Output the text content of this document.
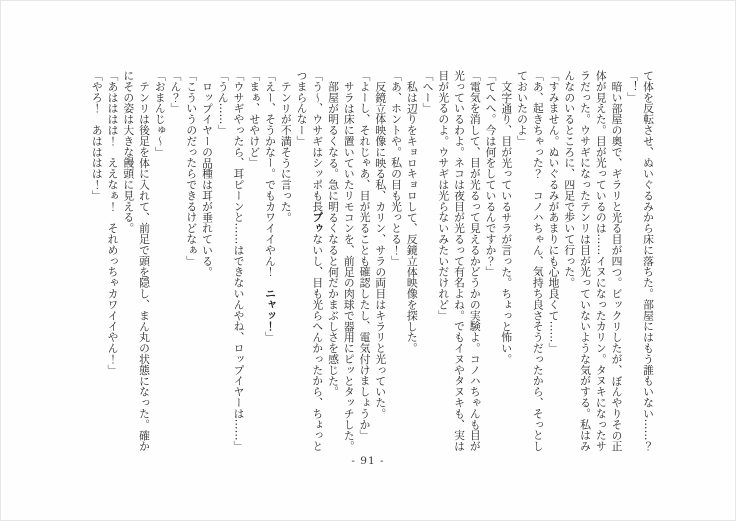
て体を反転させ、ぬいぐるみから床に落ちた。部屋にはもう誰もいない……？
「！」
暗い部屋の奥で、ギラリと光る目が四つ。ビックリしたが、ぼんやりその正
体が見えた。目が光っているのは……イヌになったカリン。タヌキになったサ
ラだった。ウサギになったテンリは目が光っていないような気がする。私はみ
んなのいるところに、四足で歩いて行った。
「すみません。ぬいぐるみがあまりにも心地良くて……」
「あ、起きちゃった？　コノハちゃん、気持ち良さそうだったから、そっとし
ておいたのよ」
文字通り、目が光っているサラが言った。ちょっと怖い。
「てへへ。今は何をしているんですか？」
「電気を消して、目が光るって見えるかどうかの実験よ。コノハちゃんも目が
光っているわよ。ネコは夜目が光るって有名よね。でもイヌやタヌキも、実は
目が光るのよ。ウサギは光らないみたいだけれど」
「へー」
私は辺りをキョロキョロして、反鏡立体映像を探した。
「あ、ホントや。私の目も光っとる！」
反鏡立体映像に映る私、カリン、サラの両目はキラリと光っていた。
「よーし、それじゃあ、目が光ることも確認したし、電気付けましょうか」
サラは床に置いていたリモコンを、前足の肉球で器用にピッとタッチした。
部屋が明るくなる。急に明るくなると何だかまぶしさを感じた。
「う～、ウサギはシッポも長ブゥないし、目も光らへんかったから、ちょっと
つまらんなー」
テンリが不満そうに言った。
「えー、そうかなー。でもカワイイやん！　ニャッ！」
「まぁ、せやけど」
「ウサギやったら、耳ピーンと……はできないんやね、ロップイヤーは……」
「うん……」
ロップイヤーの品種は耳が垂れている。
「こういうのだったらできるけどなぁ」
「ん？」
「おまんじゅ～」
テンリは後足を体に入れて、前足で頭を隠し、まん丸の状態になった。確か
にその姿は大きな饅頭に見える。
「あはははは！　ええなぁ！　それめっちゃカワイイやん！」
「やろ！　あはははは！」
- 91 -
